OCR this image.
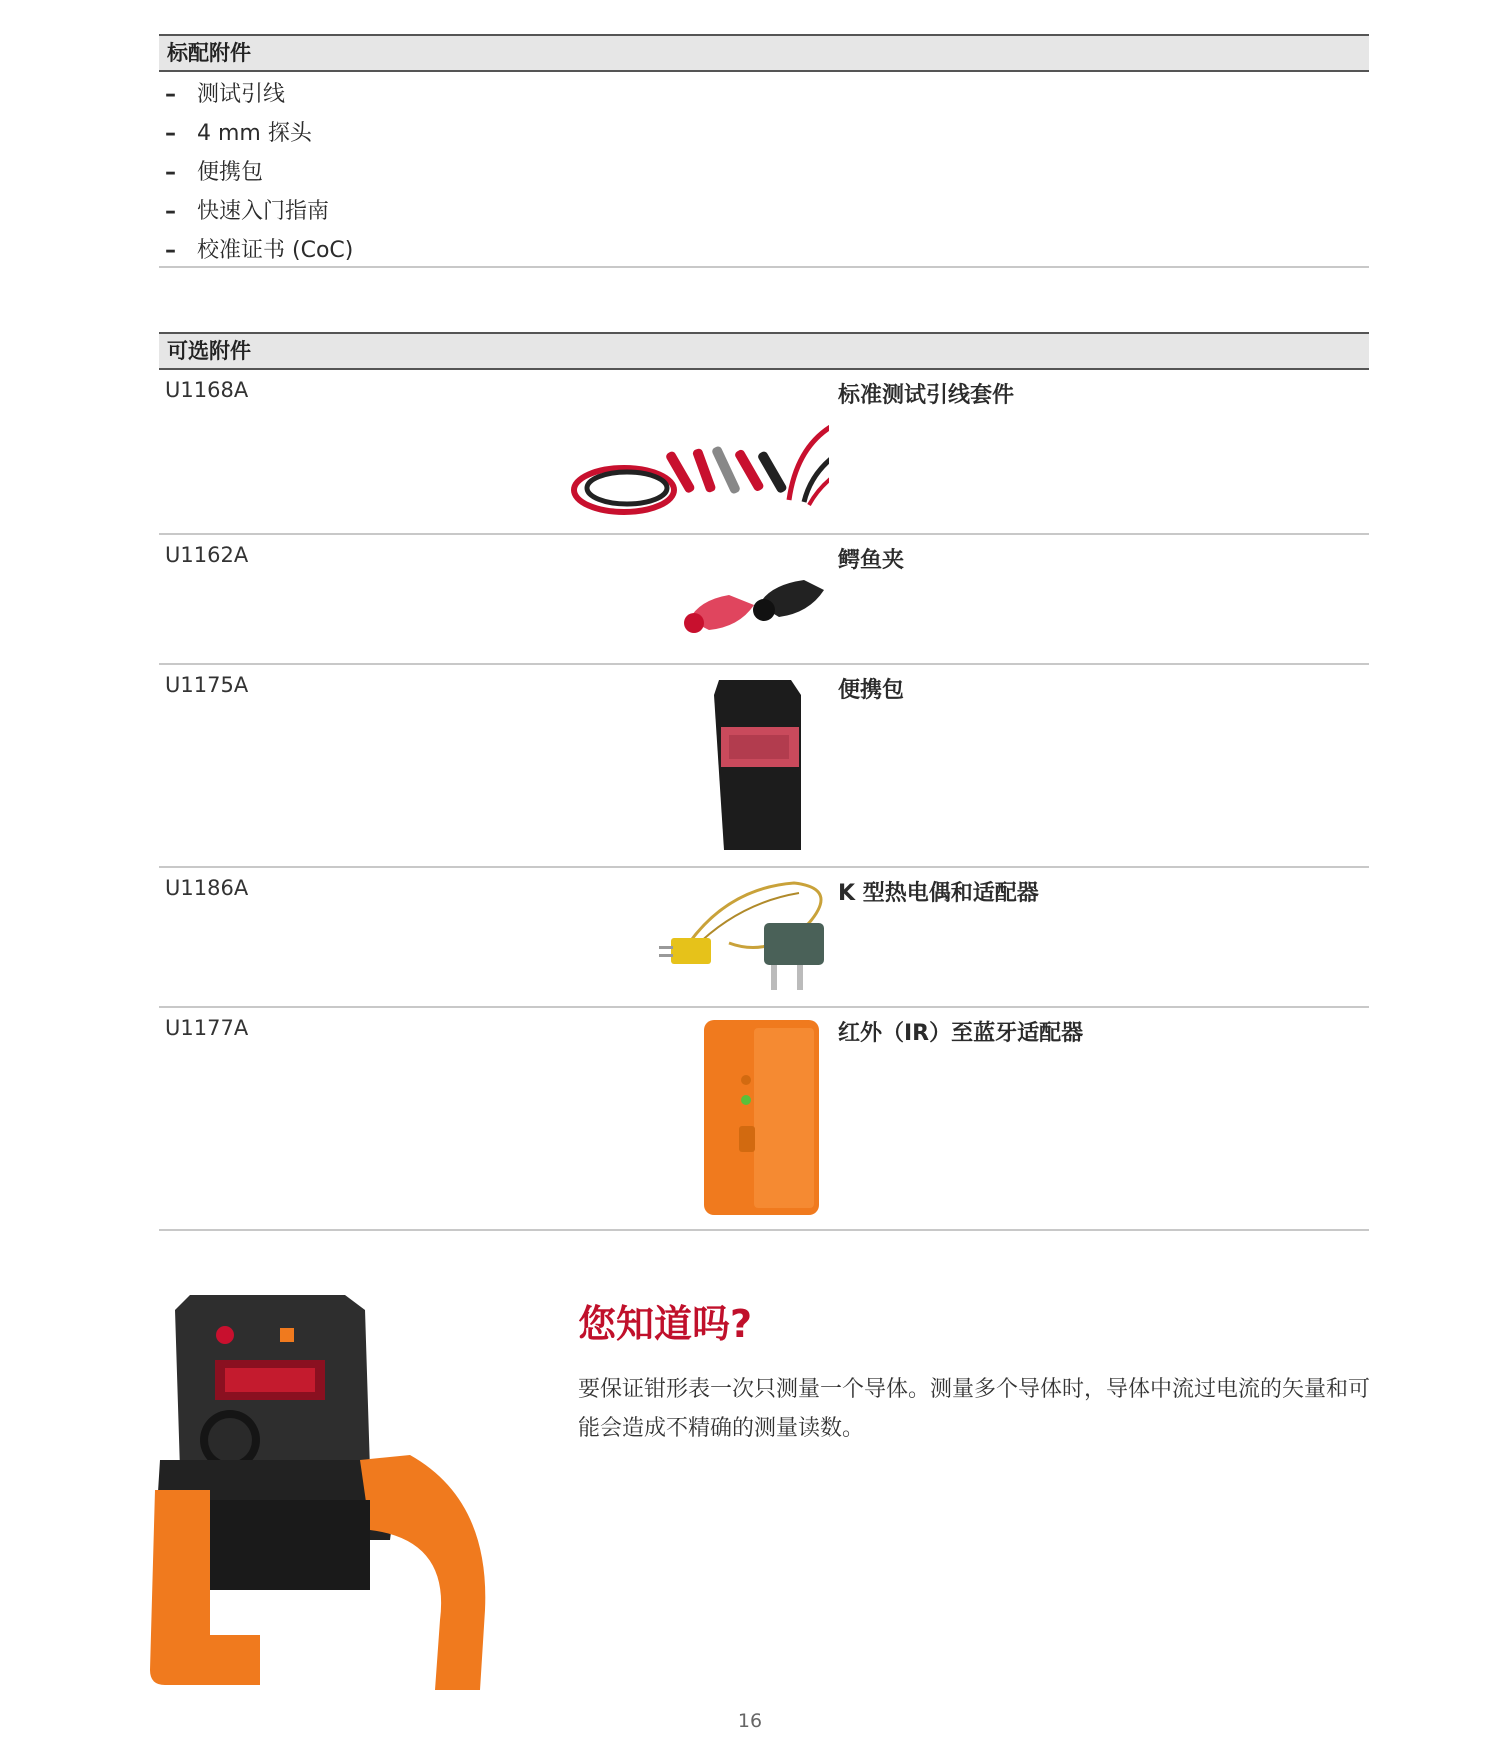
标配附件
– 测试引线
– 4 mm 探头
– 便携包
– 快速入门指南
– 校准证书 (CoC)
可选附件
U1168A	标准测试引线套件
U1162A	鳄鱼夹
U1175A	便携包
U1186A	K 型热电偶和适配器
U1177A	红外（IR）至蓝牙适配器
您知道吗?
要保证钳形表一次只测量一个导体。测量多个导体时，导体中流过电流的矢量和可能会造成不精确的测量读数。
16
